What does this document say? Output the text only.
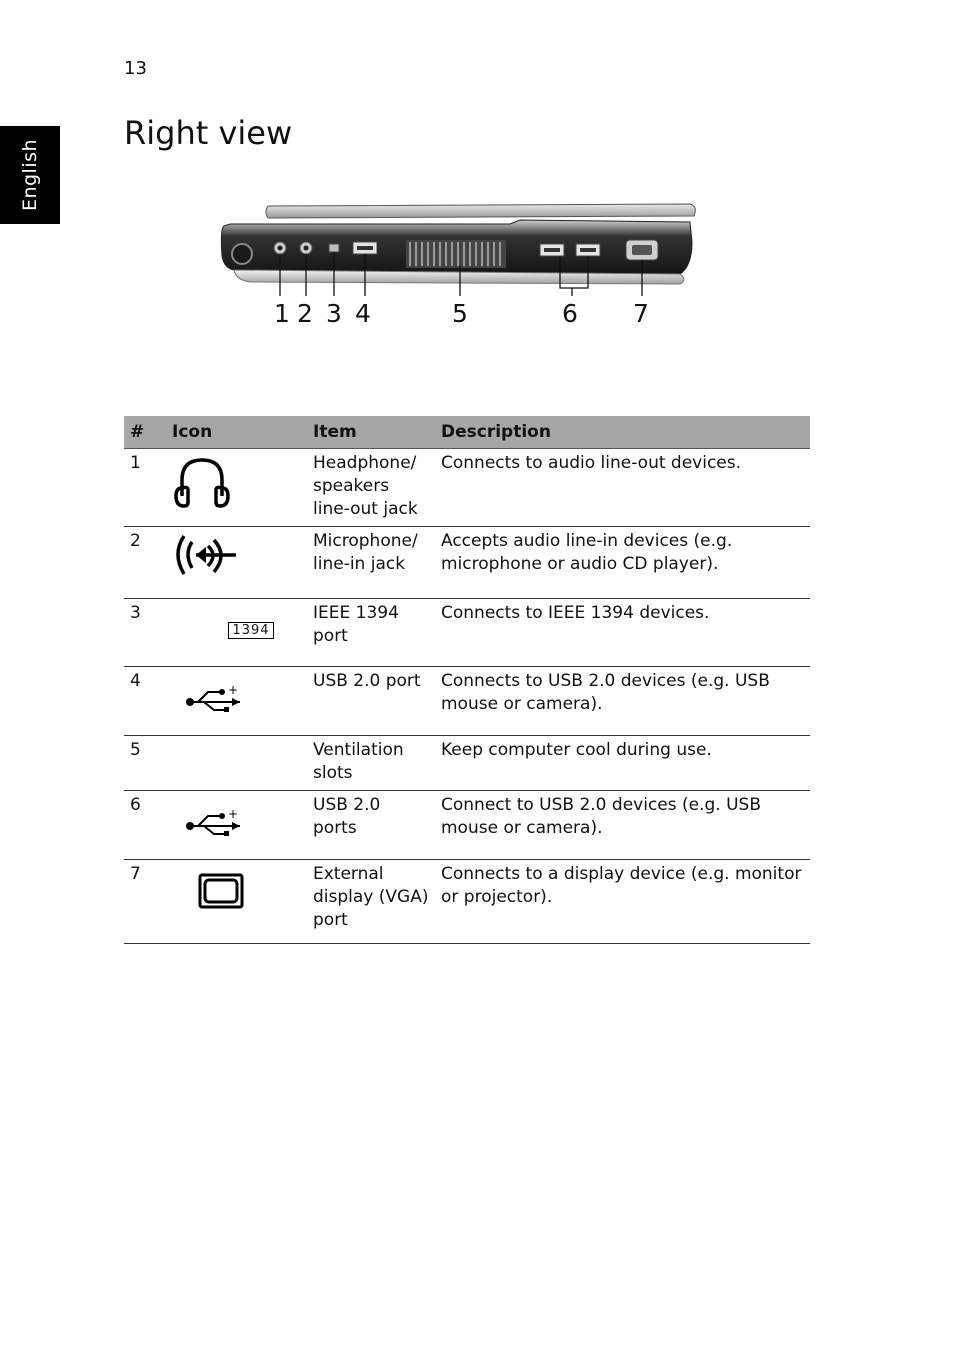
13
English
Right view
1 2 3 4	5	6 7
#	Icon	Item	Description
1		Headphone/ speakers line-out jack	Connects to audio line-out devices.
2		Microphone/ line-in jack	Accepts audio line-in devices (e.g. microphone or audio CD player).
3	1394	IEEE 1394 port	Connects to IEEE 1394 devices.
4	+	USB 2.0 port	Connects to USB 2.0 devices (e.g. USB mouse or camera).
5		Ventilation slots	Keep computer cool during use.
6	+	USB 2.0 ports	Connect to USB 2.0 devices (e.g. USB mouse or camera).
7		External display (VGA) port	Connects to a display device (e.g. monitor or projector).
